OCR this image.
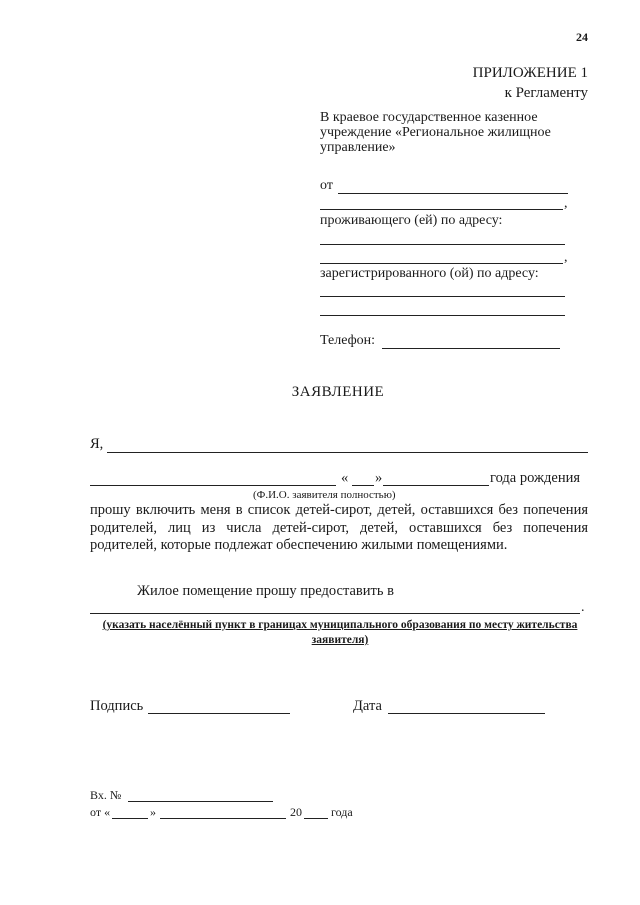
24
ПРИЛОЖЕНИЕ 1
к Регламенту
В краевое государственное казенное учреждение «Региональное жилищное управление»
от
,
проживающего (ей) по адресу:
,
зарегистрированного (ой) по адресу:
Телефон:
ЗАЯВЛЕНИЕ
Я,
« »	года рождения
(Ф.И.О. заявителя полностью)
прошу включить меня в список детей-сирот, детей, оставшихся без попечения родителей, лиц из числа детей-сирот, детей, оставшихся без попечения родителей, которые подлежат обеспечению жилыми помещениями.
Жилое помещение прошу предоставить в
.
(указать населённый пункт в границах муниципального образования по месту жительства заявителя)
Подпись	Дата
Вх. №
от «	»	20 года
